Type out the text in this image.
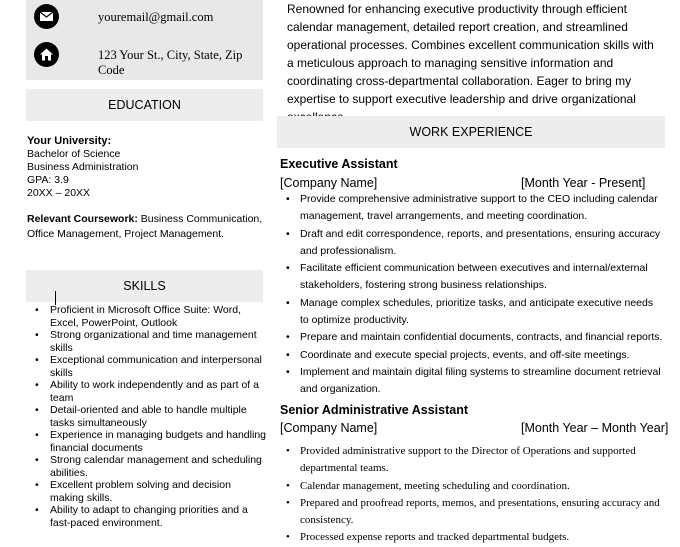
youremail@gmail.com
123 Your St., City, State, Zip Code
Renowned for enhancing executive productivity through efficient calendar management, detailed report creation, and streamlined operational processes. Combines excellent communication skills with a meticulous approach to managing sensitive information and coordinating cross-departmental collaboration. Eager to bring my expertise to support executive leadership and drive organizational
EDUCATION
Your University:
Bachelor of Science
Business Administration
GPA: 3.9
20XX – 20XX
Relevant Coursework: Business Communication, Office Management, Project Management.
SKILLS
• Proficient in Microsoft Office Suite: Word, Excel, PowerPoint, Outlook
• Strong organizational and time management skills
• Exceptional communication and interpersonal skills
• Ability to work independently and as part of a team
• Detail-oriented and able to handle multiple tasks simultaneously
• Experience in managing budgets and handling financial documents
• Strong calendar management and scheduling abilities.
• Excellent problem solving and decision making skills.
• Ability to adapt to changing priorities and a fast-paced environment.
WORK EXPERIENCE
Executive Assistant
[Company Name]	[Month Year - Present]
• Provide comprehensive administrative support to the CEO including calendar management, travel arrangements, and meeting coordination.
• Draft and edit correspondence, reports, and presentations, ensuring accuracy and professionalism.
• Facilitate efficient communication between executives and internal/external stakeholders, fostering strong business relationships.
• Manage complex schedules, prioritize tasks, and anticipate executive needs to optimize productivity.
• Prepare and maintain confidential documents, contracts, and financial reports.
• Coordinate and execute special projects, events, and off-site meetings.
• Implement and maintain digital filing systems to streamline document retrieval and organization.
Senior Administrative Assistant
[Company Name]	[Month Year – Month Year]
• Provided administrative support to the Director of Operations and supported departmental teams.
• Calendar management, meeting scheduling and coordination.
• Prepared and proofread reports, memos, and presentations, ensuring accuracy and consistency.
• Processed expense reports and tracked departmental budgets.
